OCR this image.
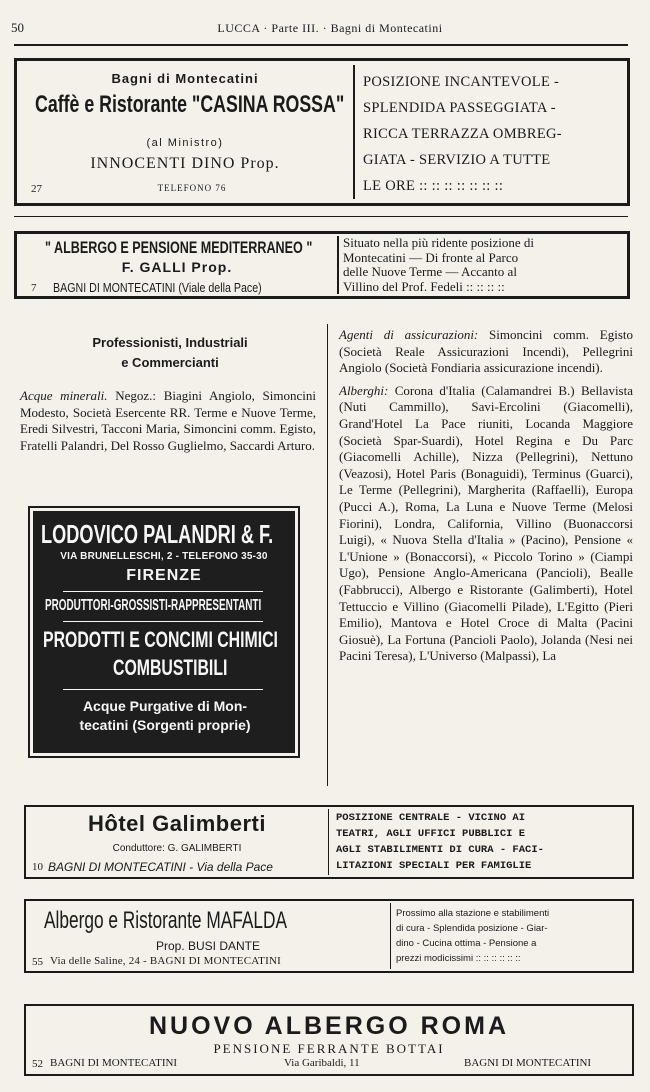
50	LUCCA · Parte III. · Bagni di Montecatini
Bagni di Montecatini
Caffè e Ristorante "CASINA ROSSA"
(al Ministro)
INNOCENTI DINO Prop.
27	TELEFONO 76
POSIZIONE INCANTEVOLE -
SPLENDIDA PASSEGGIATA -
RICCA TERRAZZA OMBREG-
GIATA - SERVIZIO A TUTTE
LE ORE :: :: :: :: :: :: ::
" ALBERGO E PENSIONE MEDITERRANEO "
F. GALLI Prop.
7 BAGNI DI MONTECATINI (Viale della Pace)
Situato nella più ridente posizione di
Montecatini — Di fronte al Parco
delle Nuove Terme — Accanto al
Villino del Prof. Fedeli :: :: :: ::
Professionisti, Industriali
e Commercianti

Acque minerali. Negoz.: Biagini Angiolo, Simoncini Modesto, Società Esercente RR. Terme e Nuove Terme, Eredi Silvestri, Tacconi Maria, Simoncini comm. Egisto, Fratelli Palandri, Del Rosso Guglielmo, Saccardi Arturo.

LODOVICO PALANDRI & F.
VIA BRUNELLESCHI, 2 - TELEFONO 35-30
FIRENZE
PRODUTTORI-GROSSISTI-RAPPRESENTANTI
PRODOTTI E CONCIMI CHIMICI
COMBUSTIBILI
Acque Purgative di Mon-
tecatini (Sorgenti proprie)

Agenti di assicurazioni: Simoncini comm. Egisto (Società Reale Assicurazioni Incendi), Pellegrini Angiolo (Società Fondiaria assicurazione incendi).

Alberghi: Corona d'Italia (Calamandrei B.) Bellavista (Nuti Cammillo), Savi-Ercolini (Giacomelli), Grand'Hotel La Pace riuniti, Locanda Maggiore (Società Spar-Suardi), Hotel Regina e Du Parc (Giacomelli Achille), Nizza (Pellegrini), Nettuno (Veazosi), Hotel Paris (Bonaguidi), Terminus (Guarci), Le Terme (Pellegrini), Margherita (Raffaelli), Europa (Pucci A.), Roma, La Luna e Nuove Terme (Melosi Fiorini), Londra, California, Villino (Buonaccorsi Luigi), « Nuova Stella d'Italia » (Pacino), Pensione « L'Unione » (Bonaccorsi), « Piccolo Torino » (Ciampi Ugo), Pensione Anglo-Americana (Pancioli), Bealle (Fabbrucci), Albergo e Ristorante (Galimberti), Hotel Tettuccio e Villino (Giacomelli Pilade), L'Egitto (Pieri Emilio), Mantova e Hotel Croce di Malta (Pacini Giosuè), La Fortuna (Pancioli Paolo), Jolanda (Nesi nei Pacini Teresa), L'Universo (Malpassi), La

Hôtel Galimberti
Conduttore: G. GALIMBERTI
10 BAGNI DI MONTECATINI - Via della Pace
POSIZIONE CENTRALE - VICINO AI
TEATRI, AGLI UFFICI PUBBLICI E
AGLI STABILIMENTI DI CURA - FACI-
LITAZIONI SPECIALI PER FAMIGLIE
Albergo e Ristorante MAFALDA
Prop. BUSI DANTE
55 Via delle Saline, 24 - BAGNI DI MONTECATINI
Prossimo alla stazione e stabilimenti
di cura - Splendida posizione - Giar-
dino - Cucina ottima - Pensione a
prezzi modicissimi :: :: :: :: :: ::
NUOVO ALBERGO ROMA
PENSIONE FERRANTE BOTTAI
52 BAGNI DI MONTECATINI	Via Garibaldi, 11	BAGNI DI MONTECATINI
